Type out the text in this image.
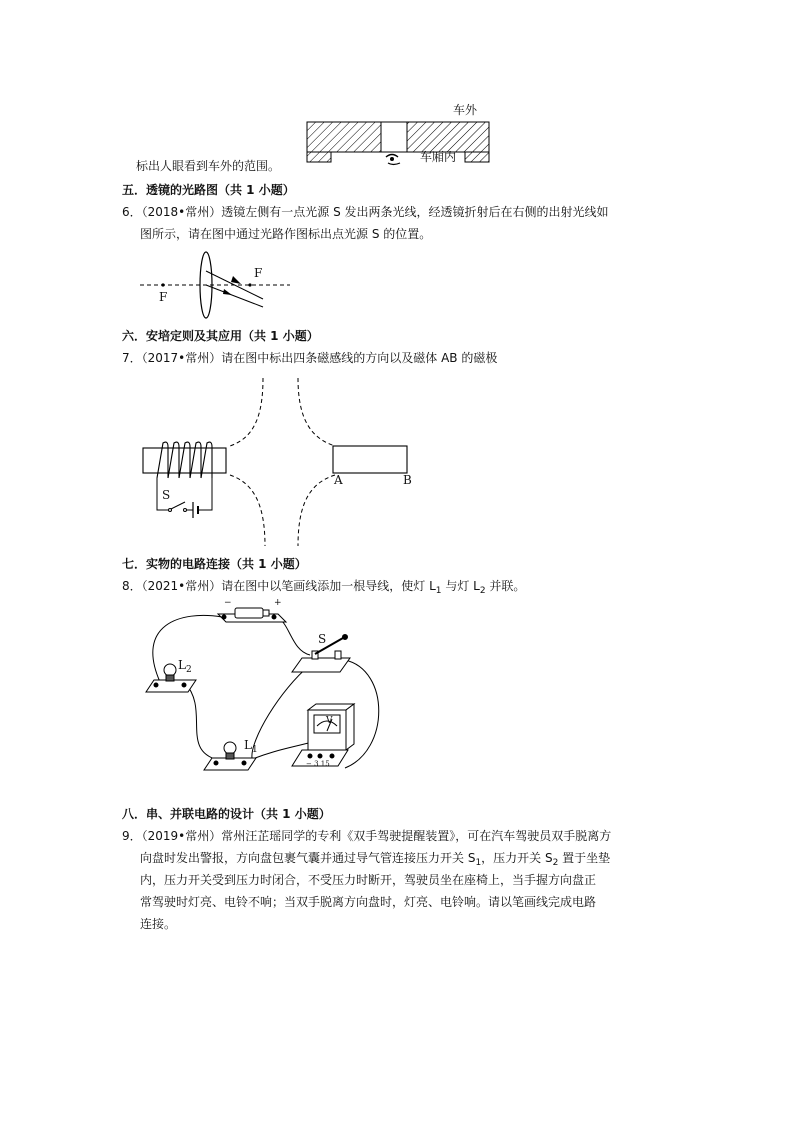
车外
车厢内
标出人眼看到车外的范围。
五．透镜的光路图（共 1 小题）
6．（2018•常州）透镜左侧有一点光源 S 发出两条光线，经透镜折射后在右侧的出射光线如
图所示，请在图中通过光路作图标出点光源 S 的位置。
F
F
六．安培定则及其应用（共 1 小题）
7．（2017•常州）请在图中标出四条磁感线的方向以及磁体 AB 的磁极
S
A	B
七．实物的电路连接（共 1 小题）
8．（2021•常州）请在图中以笔画线添加一根导线，使灯 $L_1$ 与灯 $L_2$ 并联。
−	+
S
$L_2$
$L_1$
V
− 3 15
八．串、并联电路的设计（共 1 小题）
9．（2019•常州）常州汪芷瑶同学的专利《双手驾驶提醒装置》，可在汽车驾驶员双手脱离方
向盘时发出警报，方向盘包裹气囊并通过导气管连接压力开关 $S_1$，压力开关 $S_2$ 置于坐垫
内，压力开关受到压力时闭合，不受压力时断开，驾驶员坐在座椅上，当手握方向盘正
常驾驶时灯亮、电铃不响；当双手脱离方向盘时，灯亮、电铃响。请以笔画线完成电路
连接。
